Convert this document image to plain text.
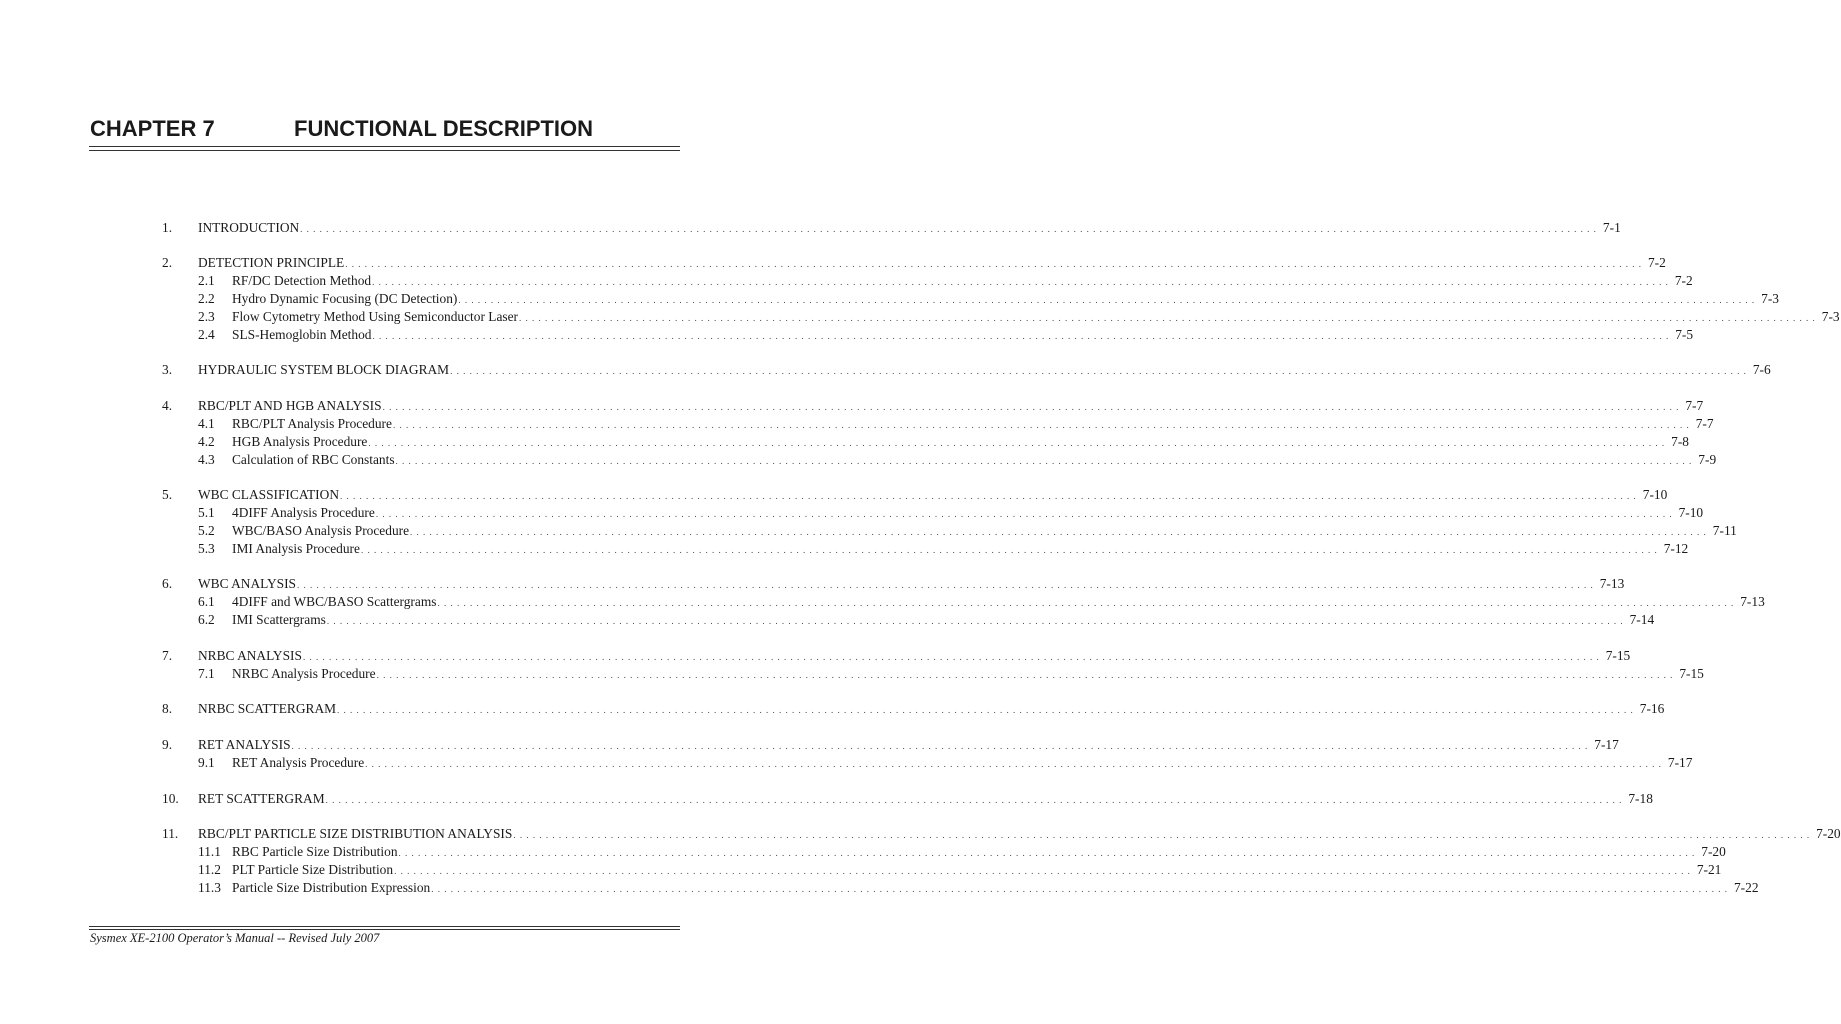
CHAPTER 7	FUNCTIONAL DESCRIPTION
1. INTRODUCTION . . . . . . . . . . . . . . . . . . . . . . . . . . . . . . . . . . . . . . . . . . . . . . . . . . . . . . . . . . . . . . . . . . . . . . . . . . . . . . . . . . . . . . . . . . . . . . . . . . . . . . . . . . . . . . . . . . . . . . . . . . . . . . . . . . . . . . . . . . . . . . . . . . . . . . . . . . . . . . . . . . . . . . . . . . . . . . . . . . . . . . . . . . . . . . . . . . . . . . . . 7-1
2. DETECTION PRINCIPLE . . . . . . . . . . . . . . . . . . . . . . . . . . . . . . . . . . . . . . . . . . . . . . . . . . . . . . . . . . . . . . . . . . . . . . . . . . . . . . . . . . . . . . . . . . . . . . . . . . . . . . . . . . . . . . . . . . . . . . . . . . . . . . . . . . . . . . . . . . . . . . . . . . . . . . . . . . . . . . . . . . . . . . . . . . . . . . . . . . . . . . . . . . . . . . . . . . . . . . . . 7-2
2.1 RF/DC Detection Method . . . . . . . . . . . . . . . . . . . . . . . . . . . . . . . . . . . . . . . . . . . . . . . . . . . . . . . . . . . . . . . . . . . . . . . . . . . . . . . . . . . . . . . . . . . . . . . . . . . . . . . . . . . . . . . . . . . . . . . . . . . . . . . . . . . . . . . . . . . . . . . . . . . . . . . . . . . . . . . . . . . . . . . . . . . . . . . . . . . . . . . . . . . . . . . . . . . . . . . . 7-2
2.2 Hydro Dynamic Focusing (DC Detection) . . . . . . . . . . . . . . . . . . . . . . . . . . . . . . . . . . . . . . . . . . . . . . . . . . . . . . . . . . . . . . . . . . . . . . . . . . . . . . . . . . . . . . . . . . . . . . . . . . . . . . . . . . . . . . . . . . . . . . . . . . . . . . . . . . . . . . . . . . . . . . . . . . . . . . . . . . . . . . . . . . . . . . . . . . . . . . . . . . . . . . . . . . . . . . . . . . . . . . . . 7-3
2.3 Flow Cytometry Method Using Semiconductor Laser . . . . . . . . . . . . . . . . . . . . . . . . . . . . . . . . . . . . . . . . . . . . . . . . . . . . . . . . . . . . . . . . . . . . . . . . . . . . . . . . . . . . . . . . . . . . . . . . . . . . . . . . . . . . . . . . . . . . . . . . . . . . . . . . . . . . . . . . . . . . . . . . . . . . . . . . . . . . . . . . . . . . . . . . . . . . . . . . . . . . . . . . . . . . . . . . . . . . . . . . 7-3
2.4 SLS-Hemoglobin Method . . . . . . . . . . . . . . . . . . . . . . . . . . . . . . . . . . . . . . . . . . . . . . . . . . . . . . . . . . . . . . . . . . . . . . . . . . . . . . . . . . . . . . . . . . . . . . . . . . . . . . . . . . . . . . . . . . . . . . . . . . . . . . . . . . . . . . . . . . . . . . . . . . . . . . . . . . . . . . . . . . . . . . . . . . . . . . . . . . . . . . . . . . . . . . . . . . . . . . . . 7-5
3. HYDRAULIC SYSTEM BLOCK DIAGRAM . . . . . . . . . . . . . . . . . . . . . . . . . . . . . . . . . . . . . . . . . . . . . . . . . . . . . . . . . . . . . . . . . . . . . . . . . . . . . . . . . . . . . . . . . . . . . . . . . . . . . . . . . . . . . . . . . . . . . . . . . . . . . . . . . . . . . . . . . . . . . . . . . . . . . . . . . . . . . . . . . . . . . . . . . . . . . . . . . . . . . . . . . . . . . . . . . . . . . . . . 7-6
4. RBC/PLT AND HGB ANALYSIS . . . . . . . . . . . . . . . . . . . . . . . . . . . . . . . . . . . . . . . . . . . . . . . . . . . . . . . . . . . . . . . . . . . . . . . . . . . . . . . . . . . . . . . . . . . . . . . . . . . . . . . . . . . . . . . . . . . . . . . . . . . . . . . . . . . . . . . . . . . . . . . . . . . . . . . . . . . . . . . . . . . . . . . . . . . . . . . . . . . . . . . . . . . . . . . . . . . . . . . . 7-7
4.1 RBC/PLT Analysis Procedure . . . . . . . . . . . . . . . . . . . . . . . . . . . . . . . . . . . . . . . . . . . . . . . . . . . . . . . . . . . . . . . . . . . . . . . . . . . . . . . . . . . . . . . . . . . . . . . . . . . . . . . . . . . . . . . . . . . . . . . . . . . . . . . . . . . . . . . . . . . . . . . . . . . . . . . . . . . . . . . . . . . . . . . . . . . . . . . . . . . . . . . . . . . . . . . . . . . . . . . . 7-7
4.2 HGB Analysis Procedure . . . . . . . . . . . . . . . . . . . . . . . . . . . . . . . . . . . . . . . . . . . . . . . . . . . . . . . . . . . . . . . . . . . . . . . . . . . . . . . . . . . . . . . . . . . . . . . . . . . . . . . . . . . . . . . . . . . . . . . . . . . . . . . . . . . . . . . . . . . . . . . . . . . . . . . . . . . . . . . . . . . . . . . . . . . . . . . . . . . . . . . . . . . . . . . . . . . . . . . . 7-8
4.3 Calculation of RBC Constants . . . . . . . . . . . . . . . . . . . . . . . . . . . . . . . . . . . . . . . . . . . . . . . . . . . . . . . . . . . . . . . . . . . . . . . . . . . . . . . . . . . . . . . . . . . . . . . . . . . . . . . . . . . . . . . . . . . . . . . . . . . . . . . . . . . . . . . . . . . . . . . . . . . . . . . . . . . . . . . . . . . . . . . . . . . . . . . . . . . . . . . . . . . . . . . . . . . . . . . . 7-9
5. WBC CLASSIFICATION . . . . . . . . . . . . . . . . . . . . . . . . . . . . . . . . . . . . . . . . . . . . . . . . . . . . . . . . . . . . . . . . . . . . . . . . . . . . . . . . . . . . . . . . . . . . . . . . . . . . . . . . . . . . . . . . . . . . . . . . . . . . . . . . . . . . . . . . . . . . . . . . . . . . . . . . . . . . . . . . . . . . . . . . . . . . . . . . . . . . . . . . . . . . . . . . . . . . . . . . 7-10
5.1 4DIFF Analysis Procedure . . . . . . . . . . . . . . . . . . . . . . . . . . . . . . . . . . . . . . . . . . . . . . . . . . . . . . . . . . . . . . . . . . . . . . . . . . . . . . . . . . . . . . . . . . . . . . . . . . . . . . . . . . . . . . . . . . . . . . . . . . . . . . . . . . . . . . . . . . . . . . . . . . . . . . . . . . . . . . . . . . . . . . . . . . . . . . . . . . . . . . . . . . . . . . . . . . . . . . . . 7-10
5.2 WBC/BASO Analysis Procedure . . . . . . . . . . . . . . . . . . . . . . . . . . . . . . . . . . . . . . . . . . . . . . . . . . . . . . . . . . . . . . . . . . . . . . . . . . . . . . . . . . . . . . . . . . . . . . . . . . . . . . . . . . . . . . . . . . . . . . . . . . . . . . . . . . . . . . . . . . . . . . . . . . . . . . . . . . . . . . . . . . . . . . . . . . . . . . . . . . . . . . . . . . . . . . . . . . . . . . . . 7-11
5.3 IMI Analysis Procedure . . . . . . . . . . . . . . . . . . . . . . . . . . . . . . . . . . . . . . . . . . . . . . . . . . . . . . . . . . . . . . . . . . . . . . . . . . . . . . . . . . . . . . . . . . . . . . . . . . . . . . . . . . . . . . . . . . . . . . . . . . . . . . . . . . . . . . . . . . . . . . . . . . . . . . . . . . . . . . . . . . . . . . . . . . . . . . . . . . . . . . . . . . . . . . . . . . . . . . . . 7-12
6. WBC ANALYSIS . . . . . . . . . . . . . . . . . . . . . . . . . . . . . . . . . . . . . . . . . . . . . . . . . . . . . . . . . . . . . . . . . . . . . . . . . . . . . . . . . . . . . . . . . . . . . . . . . . . . . . . . . . . . . . . . . . . . . . . . . . . . . . . . . . . . . . . . . . . . . . . . . . . . . . . . . . . . . . . . . . . . . . . . . . . . . . . . . . . . . . . . . . . . . . . . . . . . . . . . 7-13
6.1 4DIFF and WBC/BASO Scattergrams . . . . . . . . . . . . . . . . . . . . . . . . . . . . . . . . . . . . . . . . . . . . . . . . . . . . . . . . . . . . . . . . . . . . . . . . . . . . . . . . . . . . . . . . . . . . . . . . . . . . . . . . . . . . . . . . . . . . . . . . . . . . . . . . . . . . . . . . . . . . . . . . . . . . . . . . . . . . . . . . . . . . . . . . . . . . . . . . . . . . . . . . . . . . . . . . . . . . . . . . 7-13
6.2 IMI Scattergrams . . . . . . . . . . . . . . . . . . . . . . . . . . . . . . . . . . . . . . . . . . . . . . . . . . . . . . . . . . . . . . . . . . . . . . . . . . . . . . . . . . . . . . . . . . . . . . . . . . . . . . . . . . . . . . . . . . . . . . . . . . . . . . . . . . . . . . . . . . . . . . . . . . . . . . . . . . . . . . . . . . . . . . . . . . . . . . . . . . . . . . . . . . . . . . . . . . . . . . . . 7-14
7. NRBC ANALYSIS . . . . . . . . . . . . . . . . . . . . . . . . . . . . . . . . . . . . . . . . . . . . . . . . . . . . . . . . . . . . . . . . . . . . . . . . . . . . . . . . . . . . . . . . . . . . . . . . . . . . . . . . . . . . . . . . . . . . . . . . . . . . . . . . . . . . . . . . . . . . . . . . . . . . . . . . . . . . . . . . . . . . . . . . . . . . . . . . . . . . . . . . . . . . . . . . . . . . . . . . 7-15
7.1 NRBC Analysis Procedure . . . . . . . . . . . . . . . . . . . . . . . . . . . . . . . . . . . . . . . . . . . . . . . . . . . . . . . . . . . . . . . . . . . . . . . . . . . . . . . . . . . . . . . . . . . . . . . . . . . . . . . . . . . . . . . . . . . . . . . . . . . . . . . . . . . . . . . . . . . . . . . . . . . . . . . . . . . . . . . . . . . . . . . . . . . . . . . . . . . . . . . . . . . . . . . . . . . . . . . . 7-15
8. NRBC SCATTERGRAM . . . . . . . . . . . . . . . . . . . . . . . . . . . . . . . . . . . . . . . . . . . . . . . . . . . . . . . . . . . . . . . . . . . . . . . . . . . . . . . . . . . . . . . . . . . . . . . . . . . . . . . . . . . . . . . . . . . . . . . . . . . . . . . . . . . . . . . . . . . . . . . . . . . . . . . . . . . . . . . . . . . . . . . . . . . . . . . . . . . . . . . . . . . . . . . . . . . . . . . . 7-16
9. RET ANALYSIS . . . . . . . . . . . . . . . . . . . . . . . . . . . . . . . . . . . . . . . . . . . . . . . . . . . . . . . . . . . . . . . . . . . . . . . . . . . . . . . . . . . . . . . . . . . . . . . . . . . . . . . . . . . . . . . . . . . . . . . . . . . . . . . . . . . . . . . . . . . . . . . . . . . . . . . . . . . . . . . . . . . . . . . . . . . . . . . . . . . . . . . . . . . . . . . . . . . . . . . . 7-17
9.1 RET Analysis Procedure . . . . . . . . . . . . . . . . . . . . . . . . . . . . . . . . . . . . . . . . . . . . . . . . . . . . . . . . . . . . . . . . . . . . . . . . . . . . . . . . . . . . . . . . . . . . . . . . . . . . . . . . . . . . . . . . . . . . . . . . . . . . . . . . . . . . . . . . . . . . . . . . . . . . . . . . . . . . . . . . . . . . . . . . . . . . . . . . . . . . . . . . . . . . . . . . . . . . . . . . 7-17
10. RET SCATTERGRAM . . . . . . . . . . . . . . . . . . . . . . . . . . . . . . . . . . . . . . . . . . . . . . . . . . . . . . . . . . . . . . . . . . . . . . . . . . . . . . . . . . . . . . . . . . . . . . . . . . . . . . . . . . . . . . . . . . . . . . . . . . . . . . . . . . . . . . . . . . . . . . . . . . . . . . . . . . . . . . . . . . . . . . . . . . . . . . . . . . . . . . . . . . . . . . . . . . . . . . . . 7-18
11. RBC/PLT PARTICLE SIZE DISTRIBUTION ANALYSIS . . . . . . . . . . . . . . . . . . . . . . . . . . . . . . . . . . . . . . . . . . . . . . . . . . . . . . . . . . . . . . . . . . . . . . . . . . . . . . . . . . . . . . . . . . . . . . . . . . . . . . . . . . . . . . . . . . . . . . . . . . . . . . . . . . . . . . . . . . . . . . . . . . . . . . . . . . . . . . . . . . . . . . . . . . . . . . . . . . . . . . . . . . . . . . . . . . . . . . . . 7-20
11.1 RBC Particle Size Distribution . . . . . . . . . . . . . . . . . . . . . . . . . . . . . . . . . . . . . . . . . . . . . . . . . . . . . . . . . . . . . . . . . . . . . . . . . . . . . . . . . . . . . . . . . . . . . . . . . . . . . . . . . . . . . . . . . . . . . . . . . . . . . . . . . . . . . . . . . . . . . . . . . . . . . . . . . . . . . . . . . . . . . . . . . . . . . . . . . . . . . . . . . . . . . . . . . . . . . . . . 7-20
11.2 PLT Particle Size Distribution . . . . . . . . . . . . . . . . . . . . . . . . . . . . . . . . . . . . . . . . . . . . . . . . . . . . . . . . . . . . . . . . . . . . . . . . . . . . . . . . . . . . . . . . . . . . . . . . . . . . . . . . . . . . . . . . . . . . . . . . . . . . . . . . . . . . . . . . . . . . . . . . . . . . . . . . . . . . . . . . . . . . . . . . . . . . . . . . . . . . . . . . . . . . . . . . . . . . . . . . 7-21
11.3 Particle Size Distribution Expression . . . . . . . . . . . . . . . . . . . . . . . . . . . . . . . . . . . . . . . . . . . . . . . . . . . . . . . . . . . . . . . . . . . . . . . . . . . . . . . . . . . . . . . . . . . . . . . . . . . . . . . . . . . . . . . . . . . . . . . . . . . . . . . . . . . . . . . . . . . . . . . . . . . . . . . . . . . . . . . . . . . . . . . . . . . . . . . . . . . . . . . . . . . . . . . . . . . . . . . . 7-22
Sysmex XE-2100 Operator’s Manual -- Revised July 2007
